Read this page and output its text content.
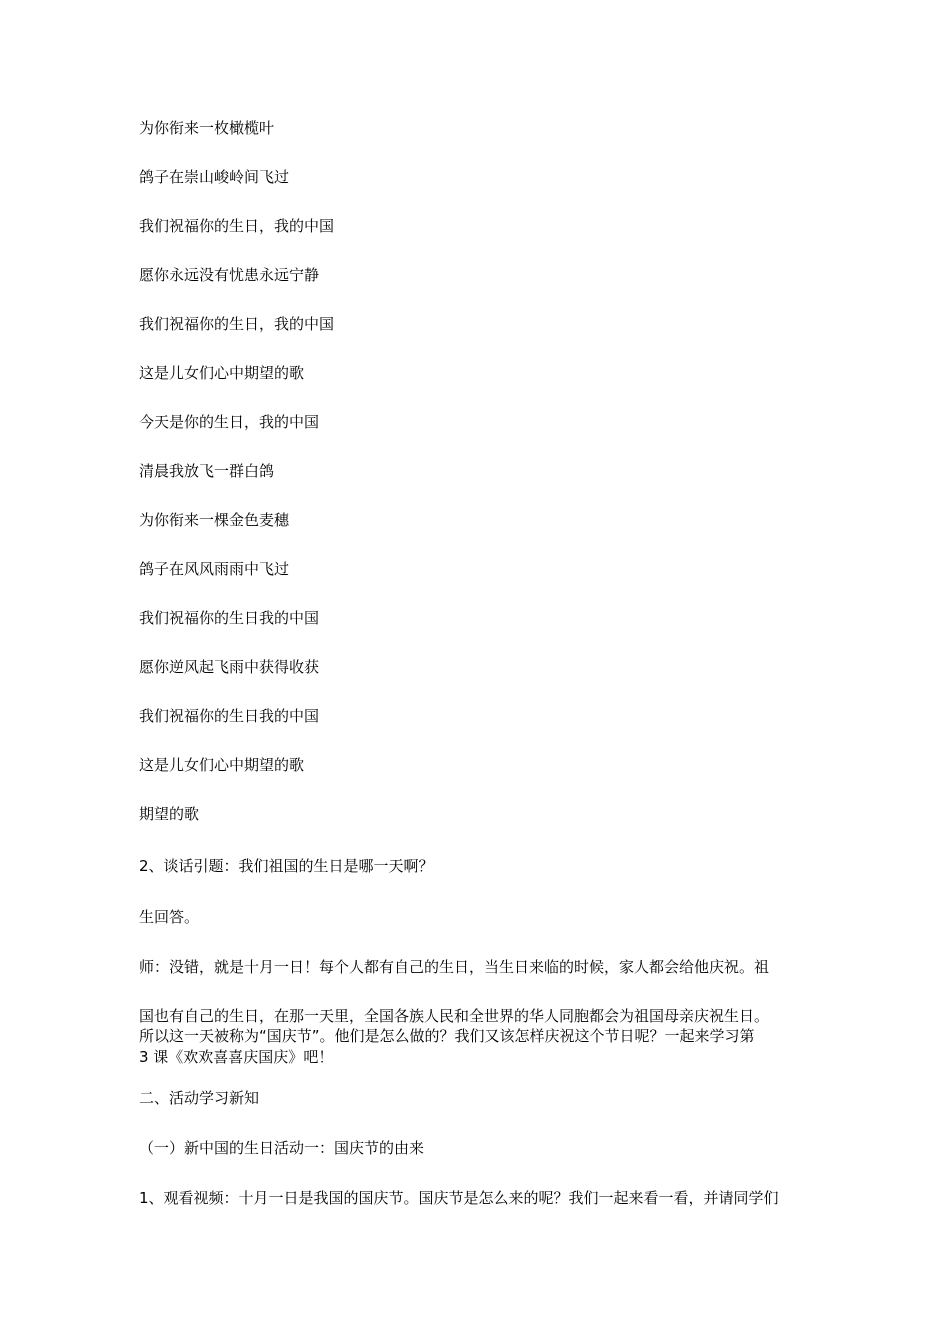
为你衔来一枚橄榄叶
鸽子在崇山峻岭间飞过
我们祝福你的生日，我的中国
愿你永远没有忧患永远宁静
我们祝福你的生日，我的中国
这是儿女们心中期望的歌
今天是你的生日，我的中国
清晨我放飞一群白鸽
为你衔来一棵金色麦穗
鸽子在风风雨雨中飞过
我们祝福你的生日我的中国
愿你逆风起飞雨中获得收获
我们祝福你的生日我的中国
这是儿女们心中期望的歌
期望的歌
2、谈话引题：我们祖国的生日是哪一天啊？
生回答。
师：没错，就是十月一日！每个人都有自己的生日，当生日来临的时候，家人都会给他庆祝。祖
国也有自己的生日，在那一天里，全国各族人民和全世界的华人同胞都会为祖国母亲庆祝生日。
所以这一天被称为“国庆节”。他们是怎么做的？我们又该怎样庆祝这个节日呢？一起来学习第
3 课《欢欢喜喜庆国庆》吧！
二、活动学习新知
（一）新中国的生日活动一：国庆节的由来
1、观看视频：十月一日是我国的国庆节。国庆节是怎么来的呢？我们一起来看一看，并请同学们
